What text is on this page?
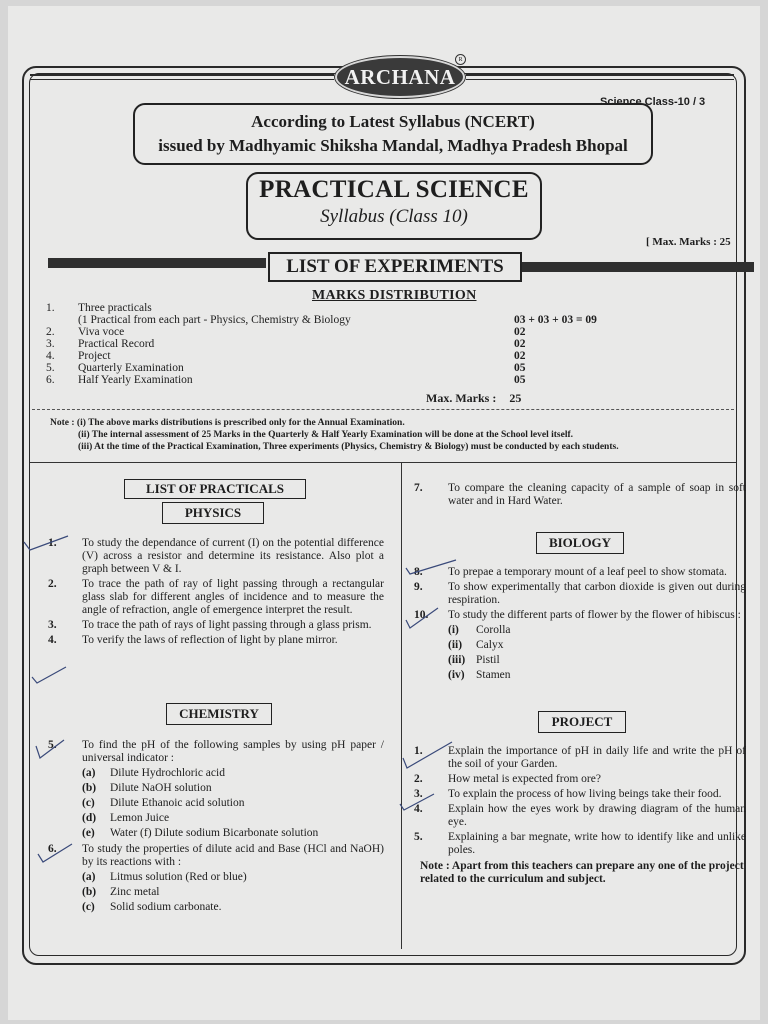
ARCHANA
R
Science Class-10 / 3
According to Latest Syllabus (NCERT)
issued by Madhyamic Shiksha Mandal, Madhya Pradesh Bhopal
PRACTICAL SCIENCE
Syllabus (Class 10)
[ Max. Marks : 25
LIST OF EXPERIMENTS
MARKS DISTRIBUTION
1.	Three practicals
(1 Practical from each part - Physics, Chemistry & Biology	03 + 03 + 03 = 09
2.	Viva voce	02
3.	Practical Record	02
4.	Project	02
5.	Quarterly Examination	05
6.	Half Yearly Examination	05
Max. Marks : 25
Note : (i) The above marks distributions is prescribed only for the Annual Examination.
(ii) The internal assessment of 25 Marks in the Quarterly & Half Yearly Examination will be done at the School level itself.
(iii) At the time of the Practical Examination, Three experiments (Physics, Chemistry & Biology) must be conducted by each students.
LIST OF PRACTICALS
PHYSICS
1.	To study the dependance of current (I) on the potential difference (V) across a resistor and determine its resistance. Also plot a graph between V & I.
2.	To trace the path of ray of light passing through a rectangular glass slab for different angles of incidence and to measure the angle of refraction, angle of emergence interpret the result.
3.	To trace the path of rays of light passing through a glass prism.
4.	To verify the laws of reflection of light by plane mirror.
CHEMISTRY
5.	To find the pH of the following samples by using pH paper / universal indicator :
(a) Dilute Hydrochloric acid
(b) Dilute NaOH solution
(c) Dilute Ethanoic acid solution
(d) Lemon Juice
(e) Water (f) Dilute sodium Bicarbonate solution
6.	To study the properties of dilute acid and Base (HCl and NaOH) by its reactions with :
(a) Litmus solution (Red or blue)
(b) Zinc metal
(c) Solid sodium carbonate.
7.	To compare the cleaning capacity of a sample of soap in soft water and in Hard Water.
BIOLOGY
8.	To prepae a temporary mount of a leaf peel to show stomata.
9.	To show experimentally that carbon dioxide is given out during respiration.
10.	To study the different parts of flower by the flower of hibiscus :
(i) Corolla
(ii) Calyx
(iii) Pistil
(iv) Stamen
PROJECT
1.	Explain the importance of pH in daily life and write the pH of the soil of your Garden.
2.	How metal is expected from ore?
3.	To explain the process of how living beings take their food.
4.	Explain how the eyes work by drawing diagram of the human eye.
5.	Explaining a bar megnate, write how to identify like and unlike poles.
Note : Apart from this teachers can prepare any one of the project related to the curriculum and subject.
